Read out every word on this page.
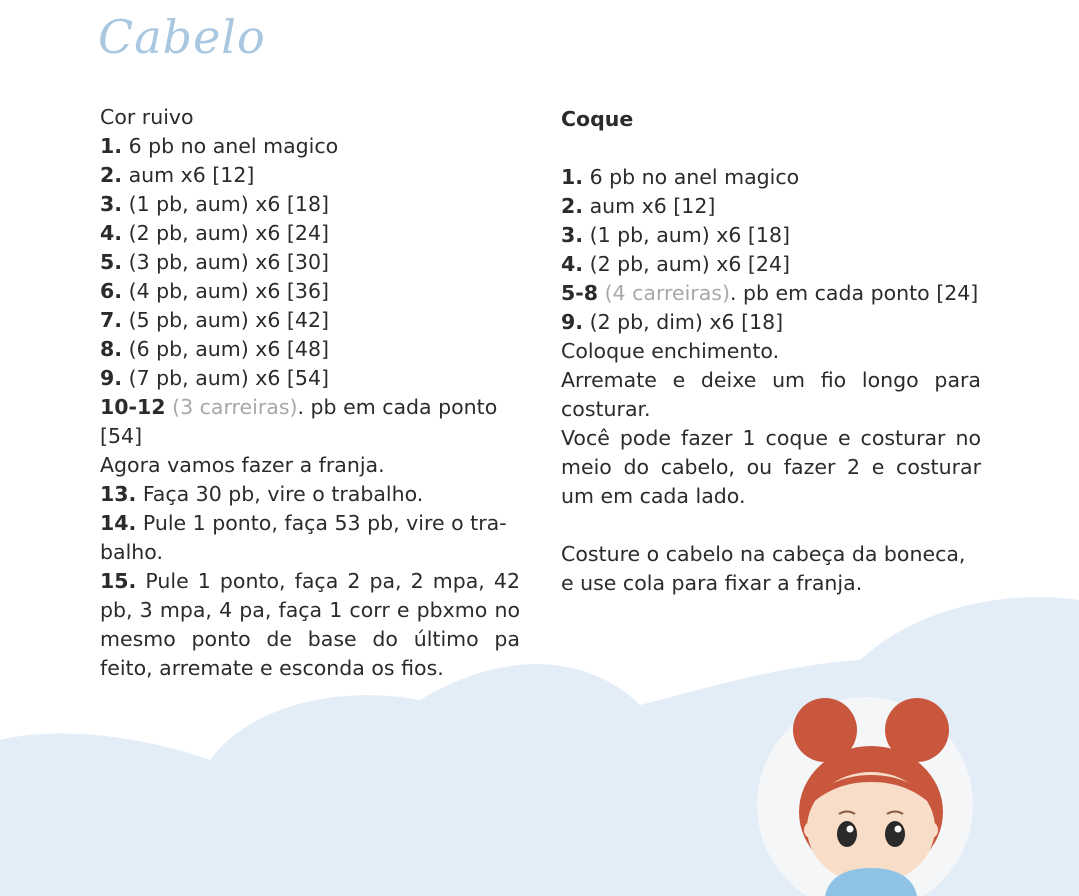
Cabelo
Cor ruivo
1. 6 pb no anel magico
2. aum x6 [12]
3. (1 pb, aum) x6 [18]
4. (2 pb, aum) x6 [24]
5. (3 pb, aum) x6 [30]
6. (4 pb, aum) x6 [36]
7. (5 pb, aum) x6 [42]
8. (6 pb, aum) x6 [48]
9. (7 pb, aum) x6 [54]
10-12 (3 carreiras). pb em cada ponto
[54]
Agora vamos fazer a franja.
13. Faça 30 pb, vire o trabalho.
14. Pule 1 ponto, faça 53 pb, vire o tra-
balho.
15. Pule 1 ponto, faça 2 pa, 2 mpa, 42
pb, 3 mpa, 4 pa, faça 1 corr e pbxmo no
mesmo ponto de base do último pa
feito, arremate e esconda os fios.
Coque
1. 6 pb no anel magico
2. aum x6 [12]
3. (1 pb, aum) x6 [18]
4. (2 pb, aum) x6 [24]
5-8 (4 carreiras). pb em cada ponto [24]
9. (2 pb, dim) x6 [18]
Coloque enchimento.
Arremate e deixe um fio longo para
costurar.
Você pode fazer 1 coque e costurar no
meio do cabelo, ou fazer 2 e costurar
um em cada lado.
Costure o cabelo na cabeça da boneca,
e use cola para fixar a franja.
